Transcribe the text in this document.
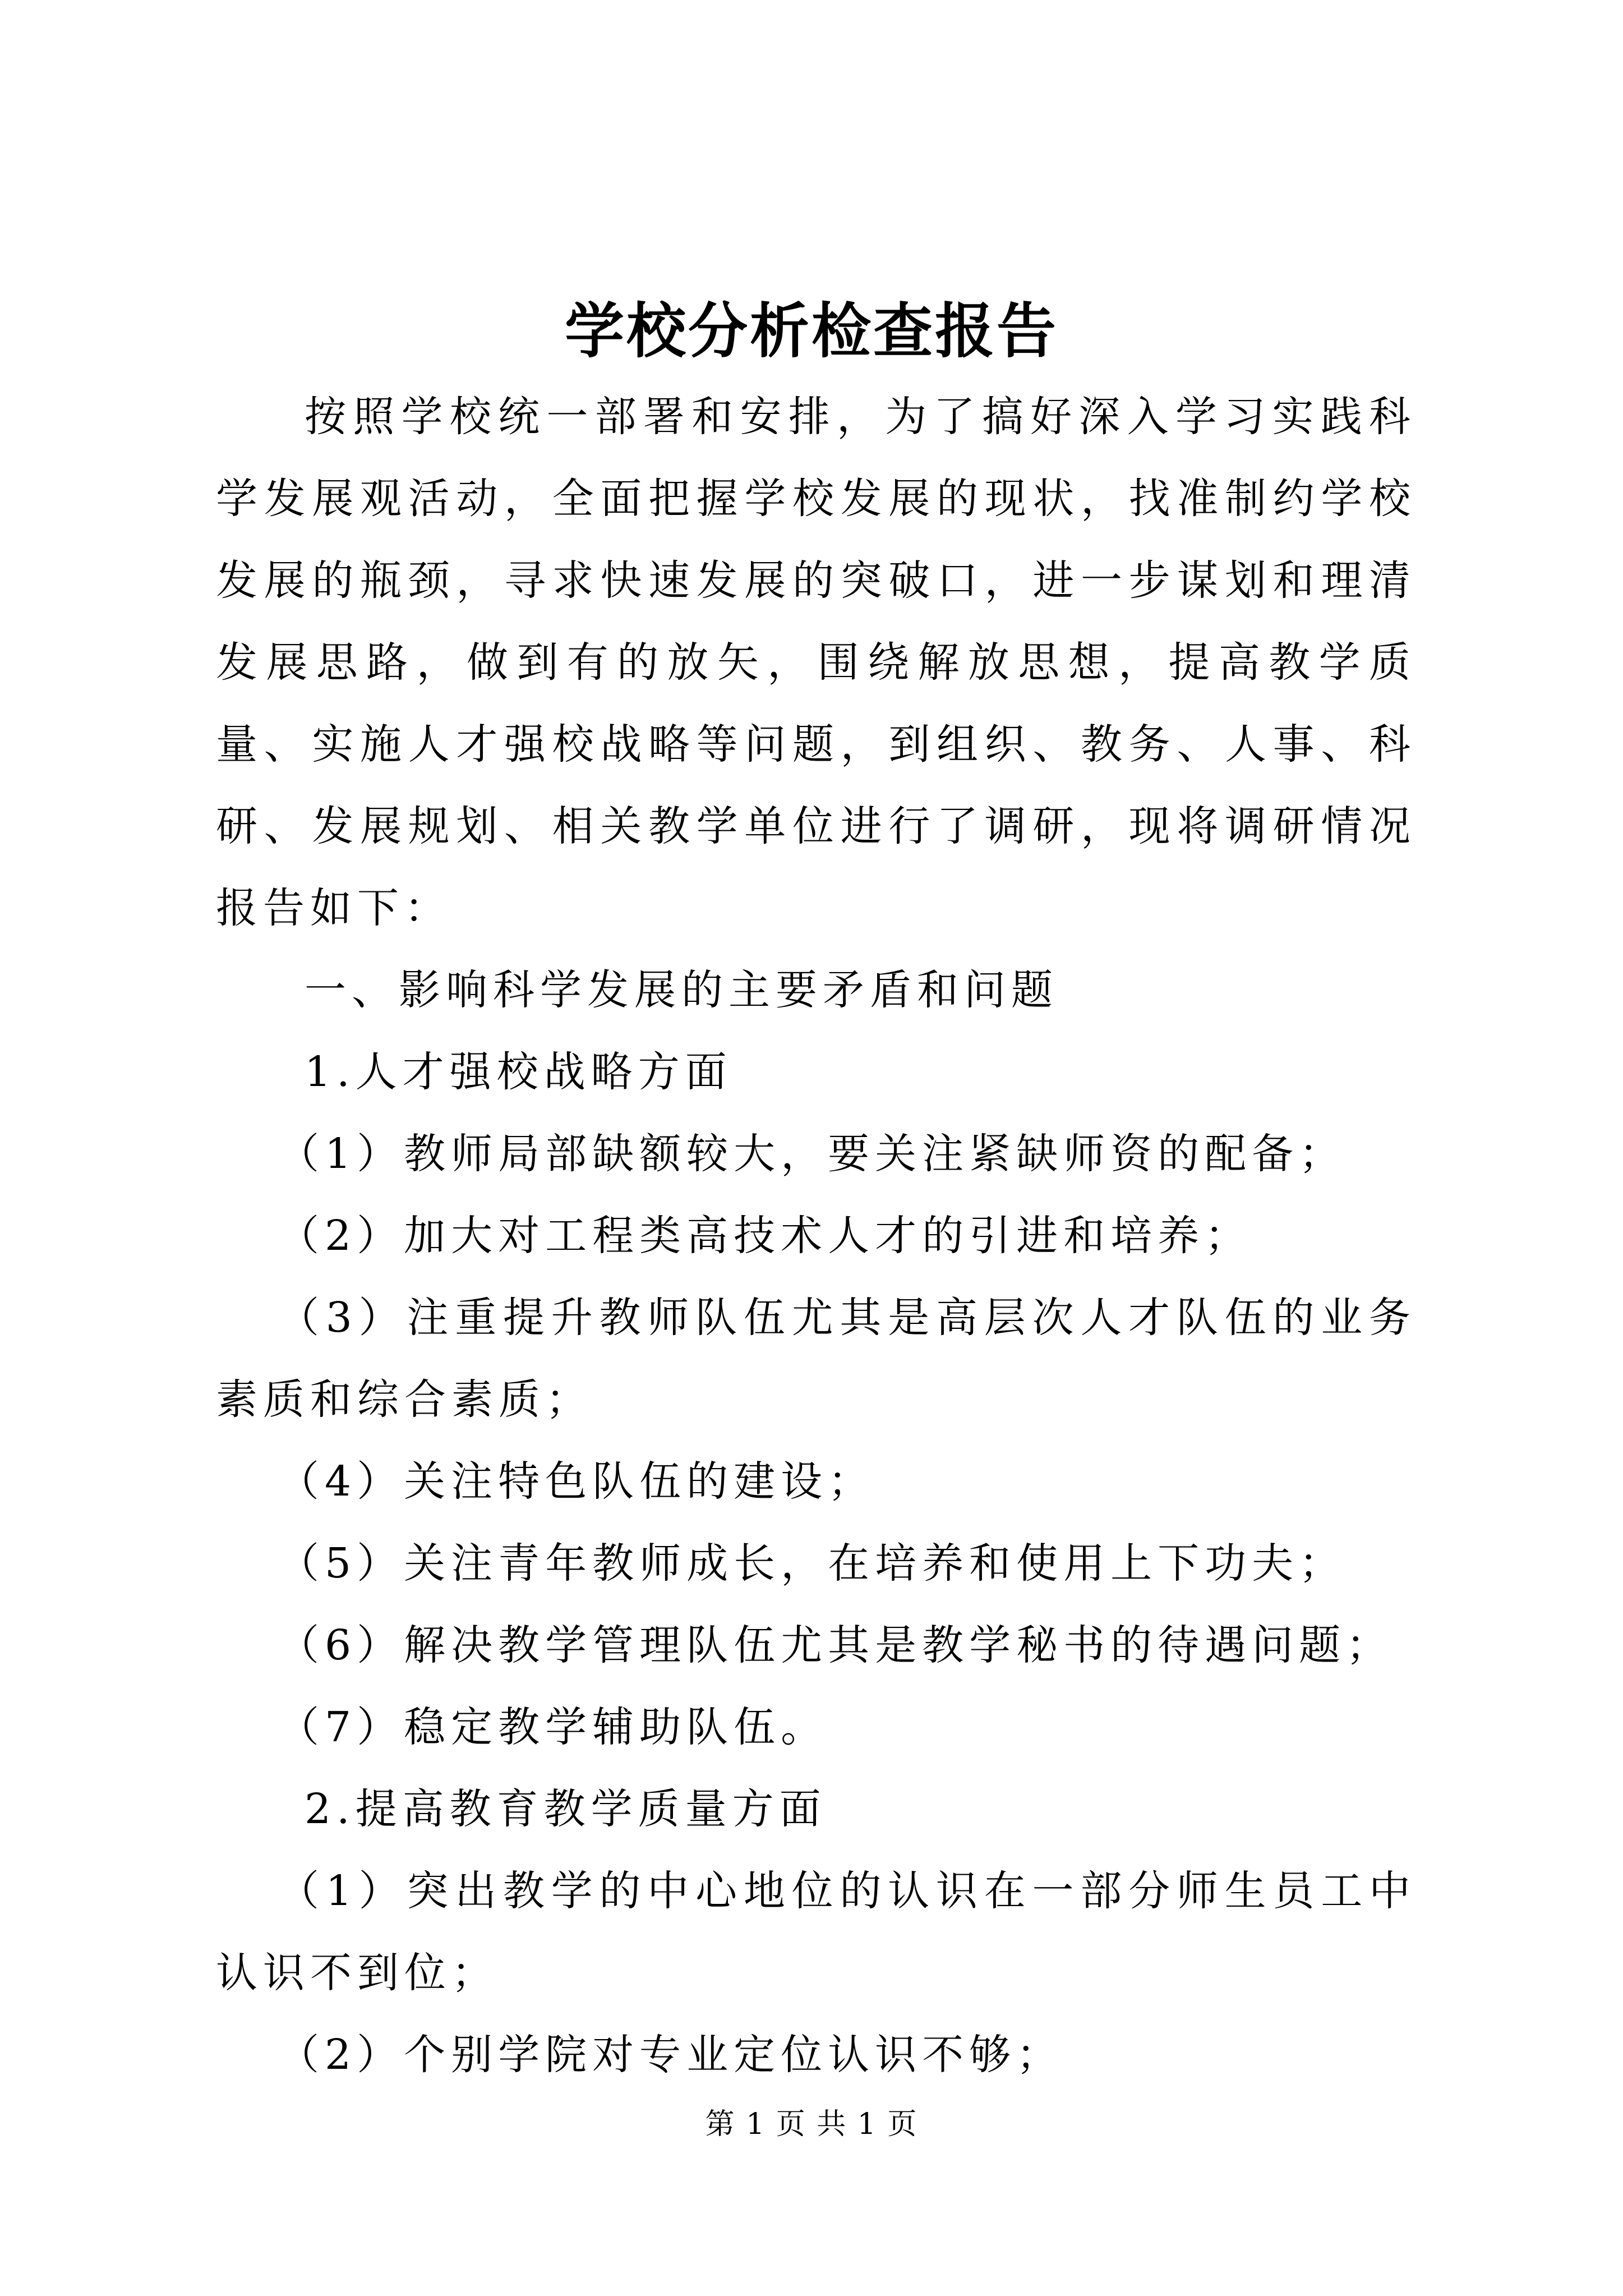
学校分析检查报告

按照学校统一部署和安排，为了搞好深入学习实践科学发展观活动，全面把握学校发展的现状，找准制约学校发展的瓶颈，寻求快速发展的突破口，进一步谋划和理清发展思路，做到有的放矢，围绕解放思想，提高教学质量、实施人才强校战略等问题，到组织、教务、人事、科研、发展规划、相关教学单位进行了调研，现将调研情况报告如下：

一、影响科学发展的主要矛盾和问题

1.人才强校战略方面

（1）教师局部缺额较大，要关注紧缺师资的配备；

（2）加大对工程类高技术人才的引进和培养；

（3）注重提升教师队伍尤其是高层次人才队伍的业务素质和综合素质；

（4）关注特色队伍的建设；

（5）关注青年教师成长，在培养和使用上下功夫；

（6）解决教学管理队伍尤其是教学秘书的待遇问题；

（7）稳定教学辅助队伍。

2.提高教育教学质量方面

（1）突出教学的中心地位的认识在一部分师生员工中认识不到位；

（2）个别学院对专业定位认识不够；

第 1 页 共 1 页
